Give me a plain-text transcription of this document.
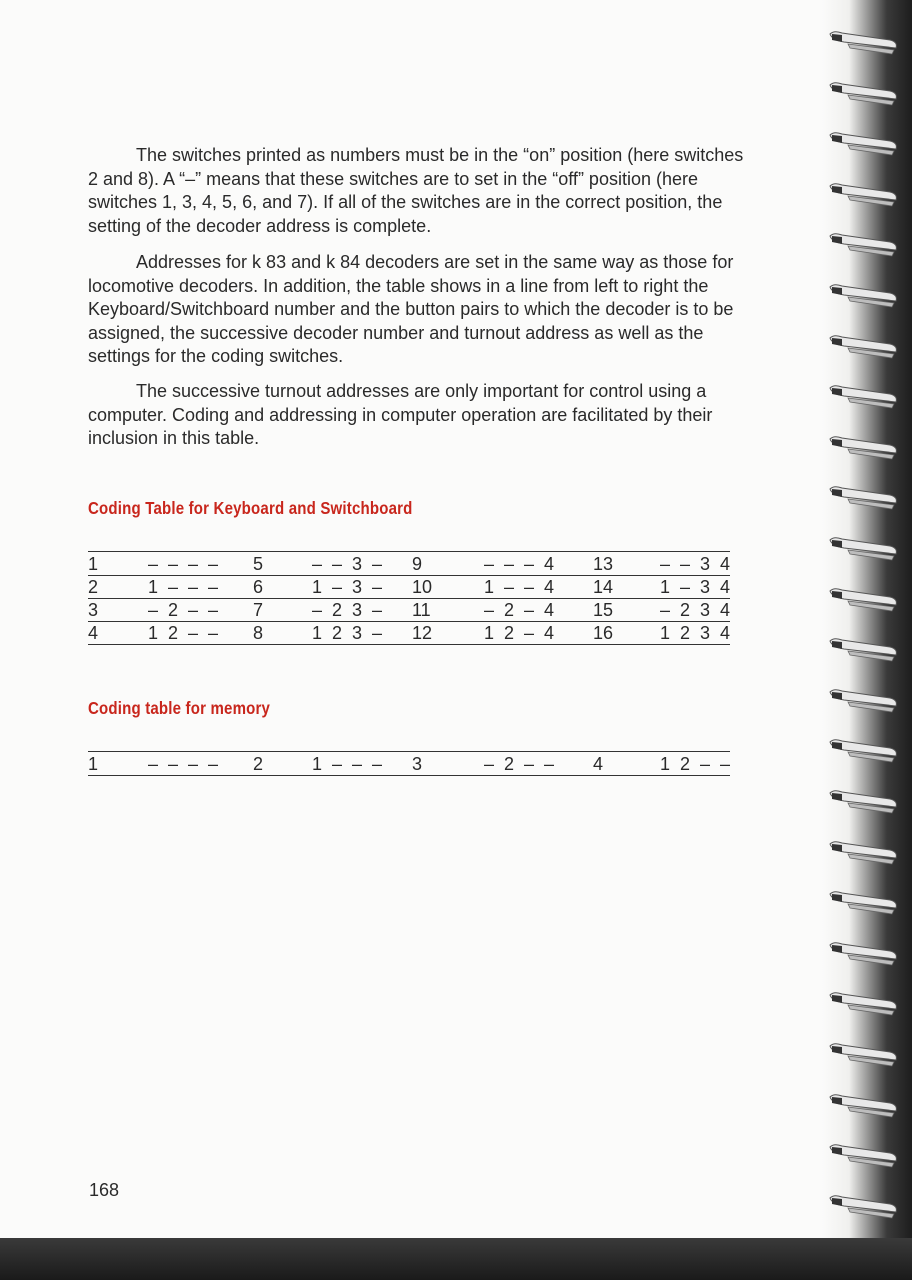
The switches printed as numbers must be in the “on” position (here switches 2 and 8). A “–” means that these switches are to set in the “off” position (here switches 1, 3, 4, 5, 6, and 7). If all of the switches are in the correct position, the setting of the decoder address is complete.

Addresses for k 83 and k 84 decoders are set in the same way as those for locomotive decoders. In addition, the table shows in a line from left to right the Keyboard/Switchboard number and the button pairs to which the decoder is to be assigned, the successive decoder number and turnout address as well as the settings for the coding switches.

The successive turnout addresses are only important for control using a computer. Coding and addressing in computer operation are facilitated by their inclusion in this table.

Coding Table for Keyboard and Switchboard
1	–  –  –  – 5	–  –  3  – 9	–  –  –  4 13	–  –  3  4
2	1  –  –  – 6	1  –  3  – 10	1  –  –  4 14	1  –  3  4
3	–  2  –  – 7	–  2  3  – 11	–  2  –  4 15	–  2  3  4
4	1  2  –  – 8	1  2  3  – 12	1  2  –  4 16	1  2  3  4
Coding table for memory
1	–  –  –  – 2	1  –  –  – 3	–  2  –  – 4	1  2  –  –
168
